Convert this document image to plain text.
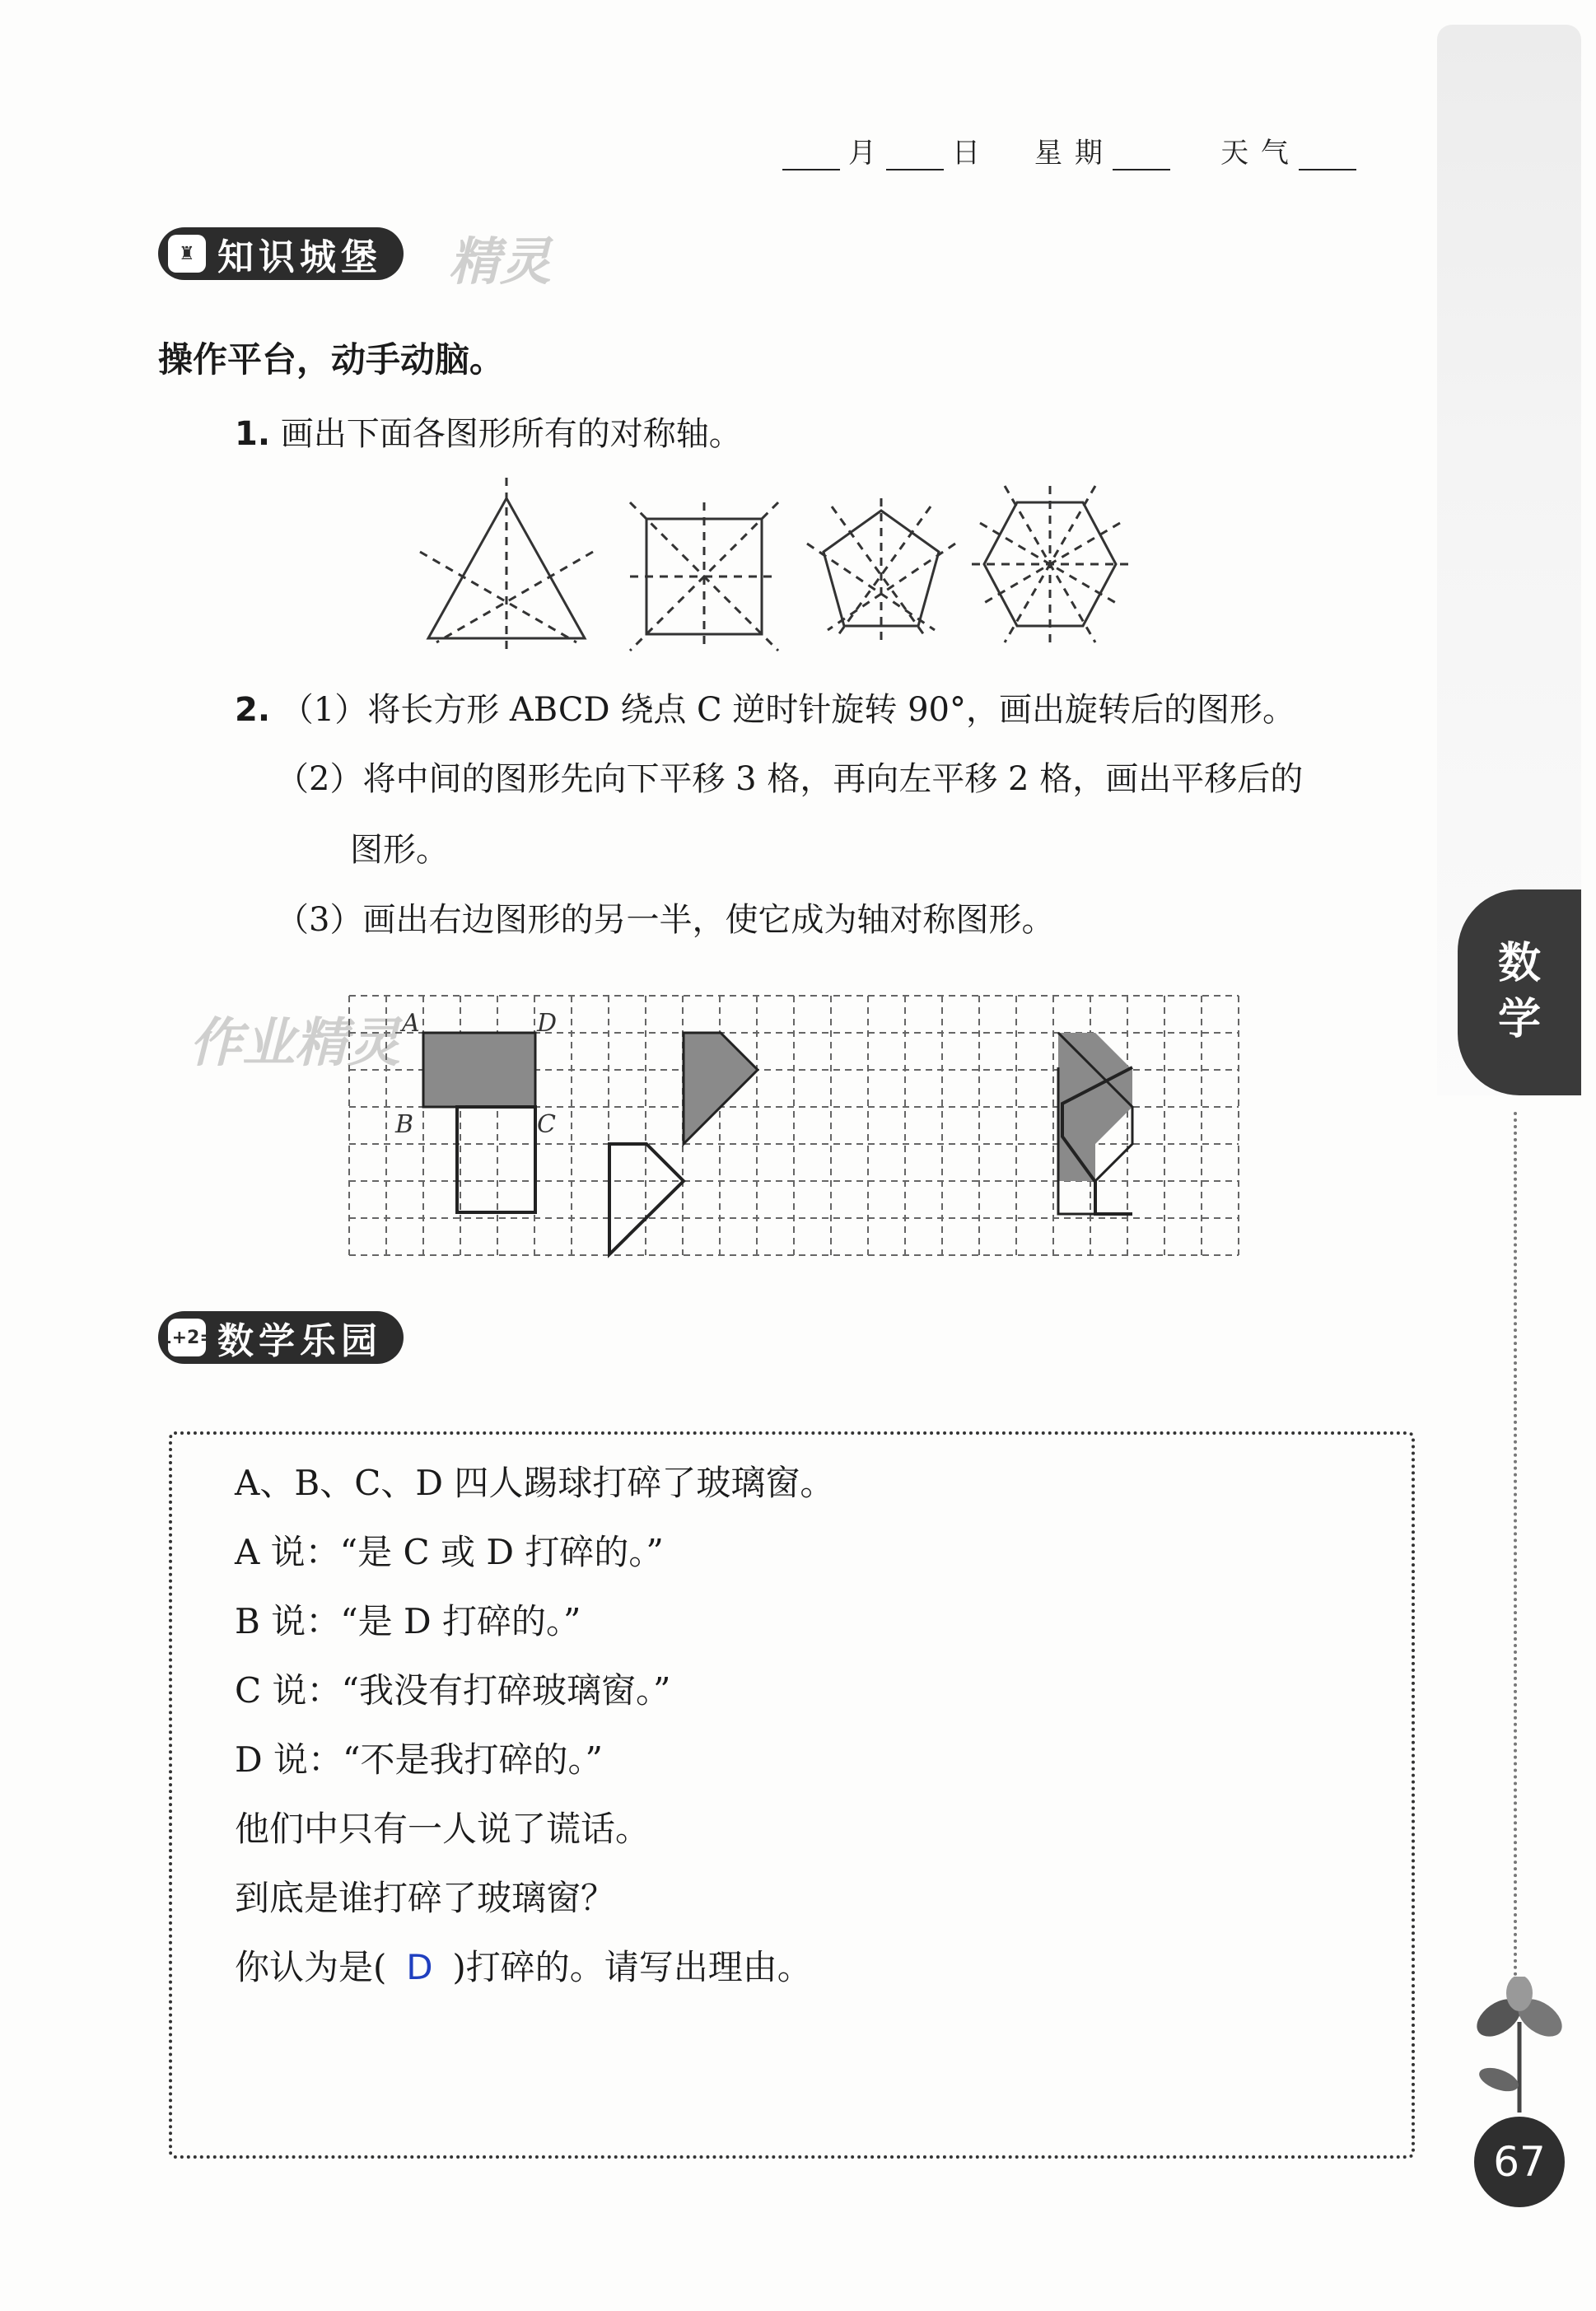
月	日 星 期	天 气
♜ 知识城堡 精灵
操作平台，动手动脑。
1. 画出下面各图形所有的对称轴。
2. （1）将长方形 ABCD 绕点 C 逆时针旋转 90°，画出旋转后的图形。
（2）将中间的图形先向下平移 3 格，再向左平移 2 格，画出平移后的
图形。
（3）画出右边图形的另一半，使它成为轴对称图形。
作业精灵 A	D
B	C
1+2= 数学乐园
A、B、C、D 四人踢球打碎了玻璃窗。
A 说：“是 C 或 D 打碎的。”
B 说：“是 D 打碎的。”
C 说：“我没有打碎玻璃窗。”
D 说：“不是我打碎的。”
他们中只有一人说了谎话。
到底是谁打碎了玻璃窗？
你认为是( D )打碎的。请写出理由。
数
学
67
